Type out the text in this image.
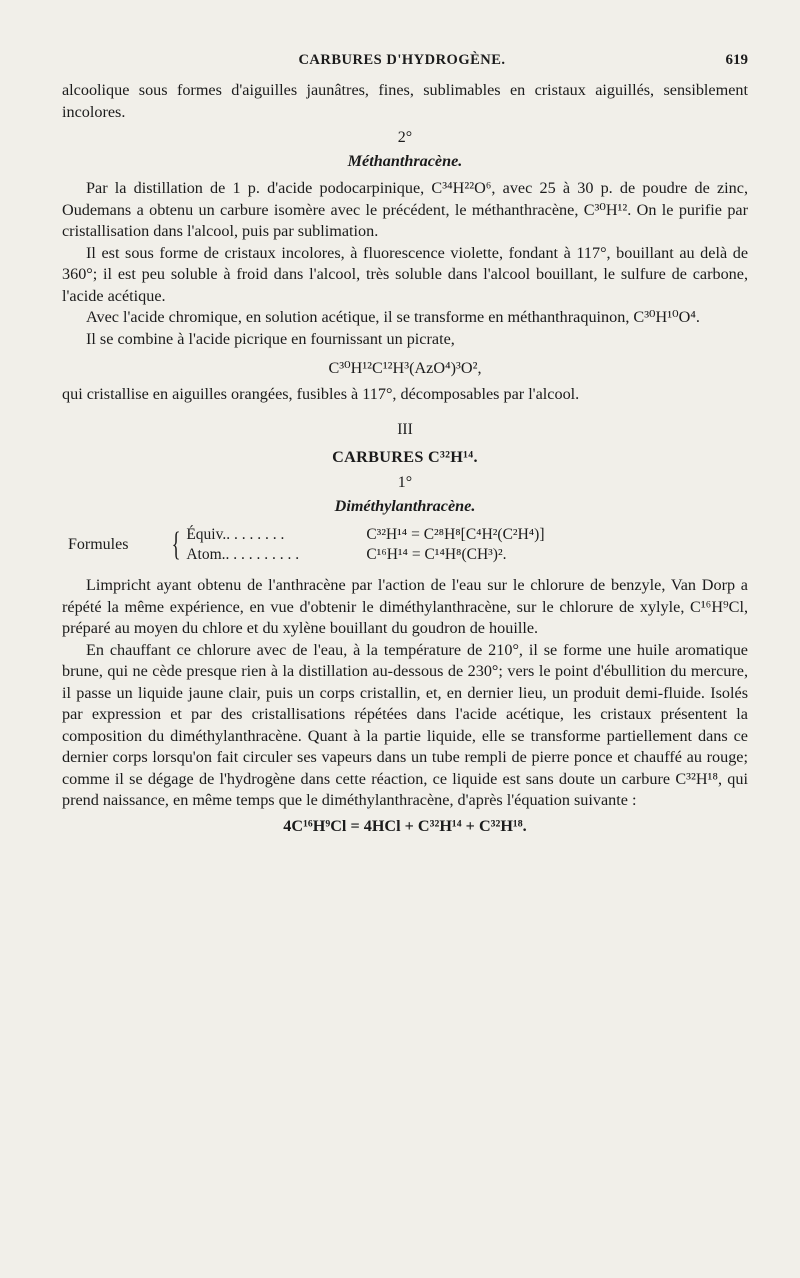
CARBURES D'HYDROGÈNE.	619

alcoolique sous formes d'aiguilles jaunâtres, fines, sublimables en cristaux aiguillés, sensiblement incolores.

2°
Méthanthracène.

Par la distillation de 1 p. d'acide podocarpinique, C³⁴H²²O⁶, avec 25 à 30 p. de poudre de zinc, Oudemans a obtenu un carbure isomère avec le précédent, le méthanthracène, C³⁰H¹². On le purifie par cristallisation dans l'alcool, puis par sublimation.

Il est sous forme de cristaux incolores, à fluorescence violette, fondant à 117°, bouillant au delà de 360°; il est peu soluble à froid dans l'alcool, très soluble dans l'alcool bouillant, le sulfure de carbone, l'acide acétique.

Avec l'acide chromique, en solution acétique, il se transforme en méthanthraquinon, C³⁰H¹⁰O⁴.

Il se combine à l'acide picrique en fournissant un picrate,

C³⁰H¹²C¹²H³(AzO⁴)³O²,

qui cristallise en aiguilles orangées, fusibles à 117°, décomposables par l'alcool.

III
CARBURES C³²H¹⁴.
1°
Diméthylanthracène.
Formules	{ Équiv.. . . . . . . .	C³²H¹⁴ = C²⁸H⁸[C⁴H²(C²H⁴)]
Atom.. . . . . . . . . .	C¹⁶H¹⁴ = C¹⁴H⁸(CH³)².

Limpricht ayant obtenu de l'anthracène par l'action de l'eau sur le chlorure de benzyle, Van Dorp a répété la même expérience, en vue d'obtenir le diméthylanthracène, sur le chlorure de xylyle, C¹⁶H⁹Cl, préparé au moyen du chlore et du xylène bouillant du goudron de houille.

En chauffant ce chlorure avec de l'eau, à la température de 210°, il se forme une huile aromatique brune, qui ne cède presque rien à la distillation au-dessous de 230°; vers le point d'ébullition du mercure, il passe un liquide jaune clair, puis un corps cristallin, et, en dernier lieu, un produit demi-fluide. Isolés par expression et par des cristallisations répétées dans l'acide acétique, les cristaux présentent la composition du diméthylanthracène. Quant à la partie liquide, elle se transforme partiellement dans ce dernier corps lorsqu'on fait circuler ses vapeurs dans un tube rempli de pierre ponce et chauffé au rouge; comme il se dégage de l'hydrogène dans cette réaction, ce liquide est sans doute un carbure C³²H¹⁸, qui prend naissance, en même temps que le diméthylanthracène, d'après l'équation suivante :

4C¹⁶H⁹Cl = 4HCl + C³²H¹⁴ + C³²H¹⁸.
